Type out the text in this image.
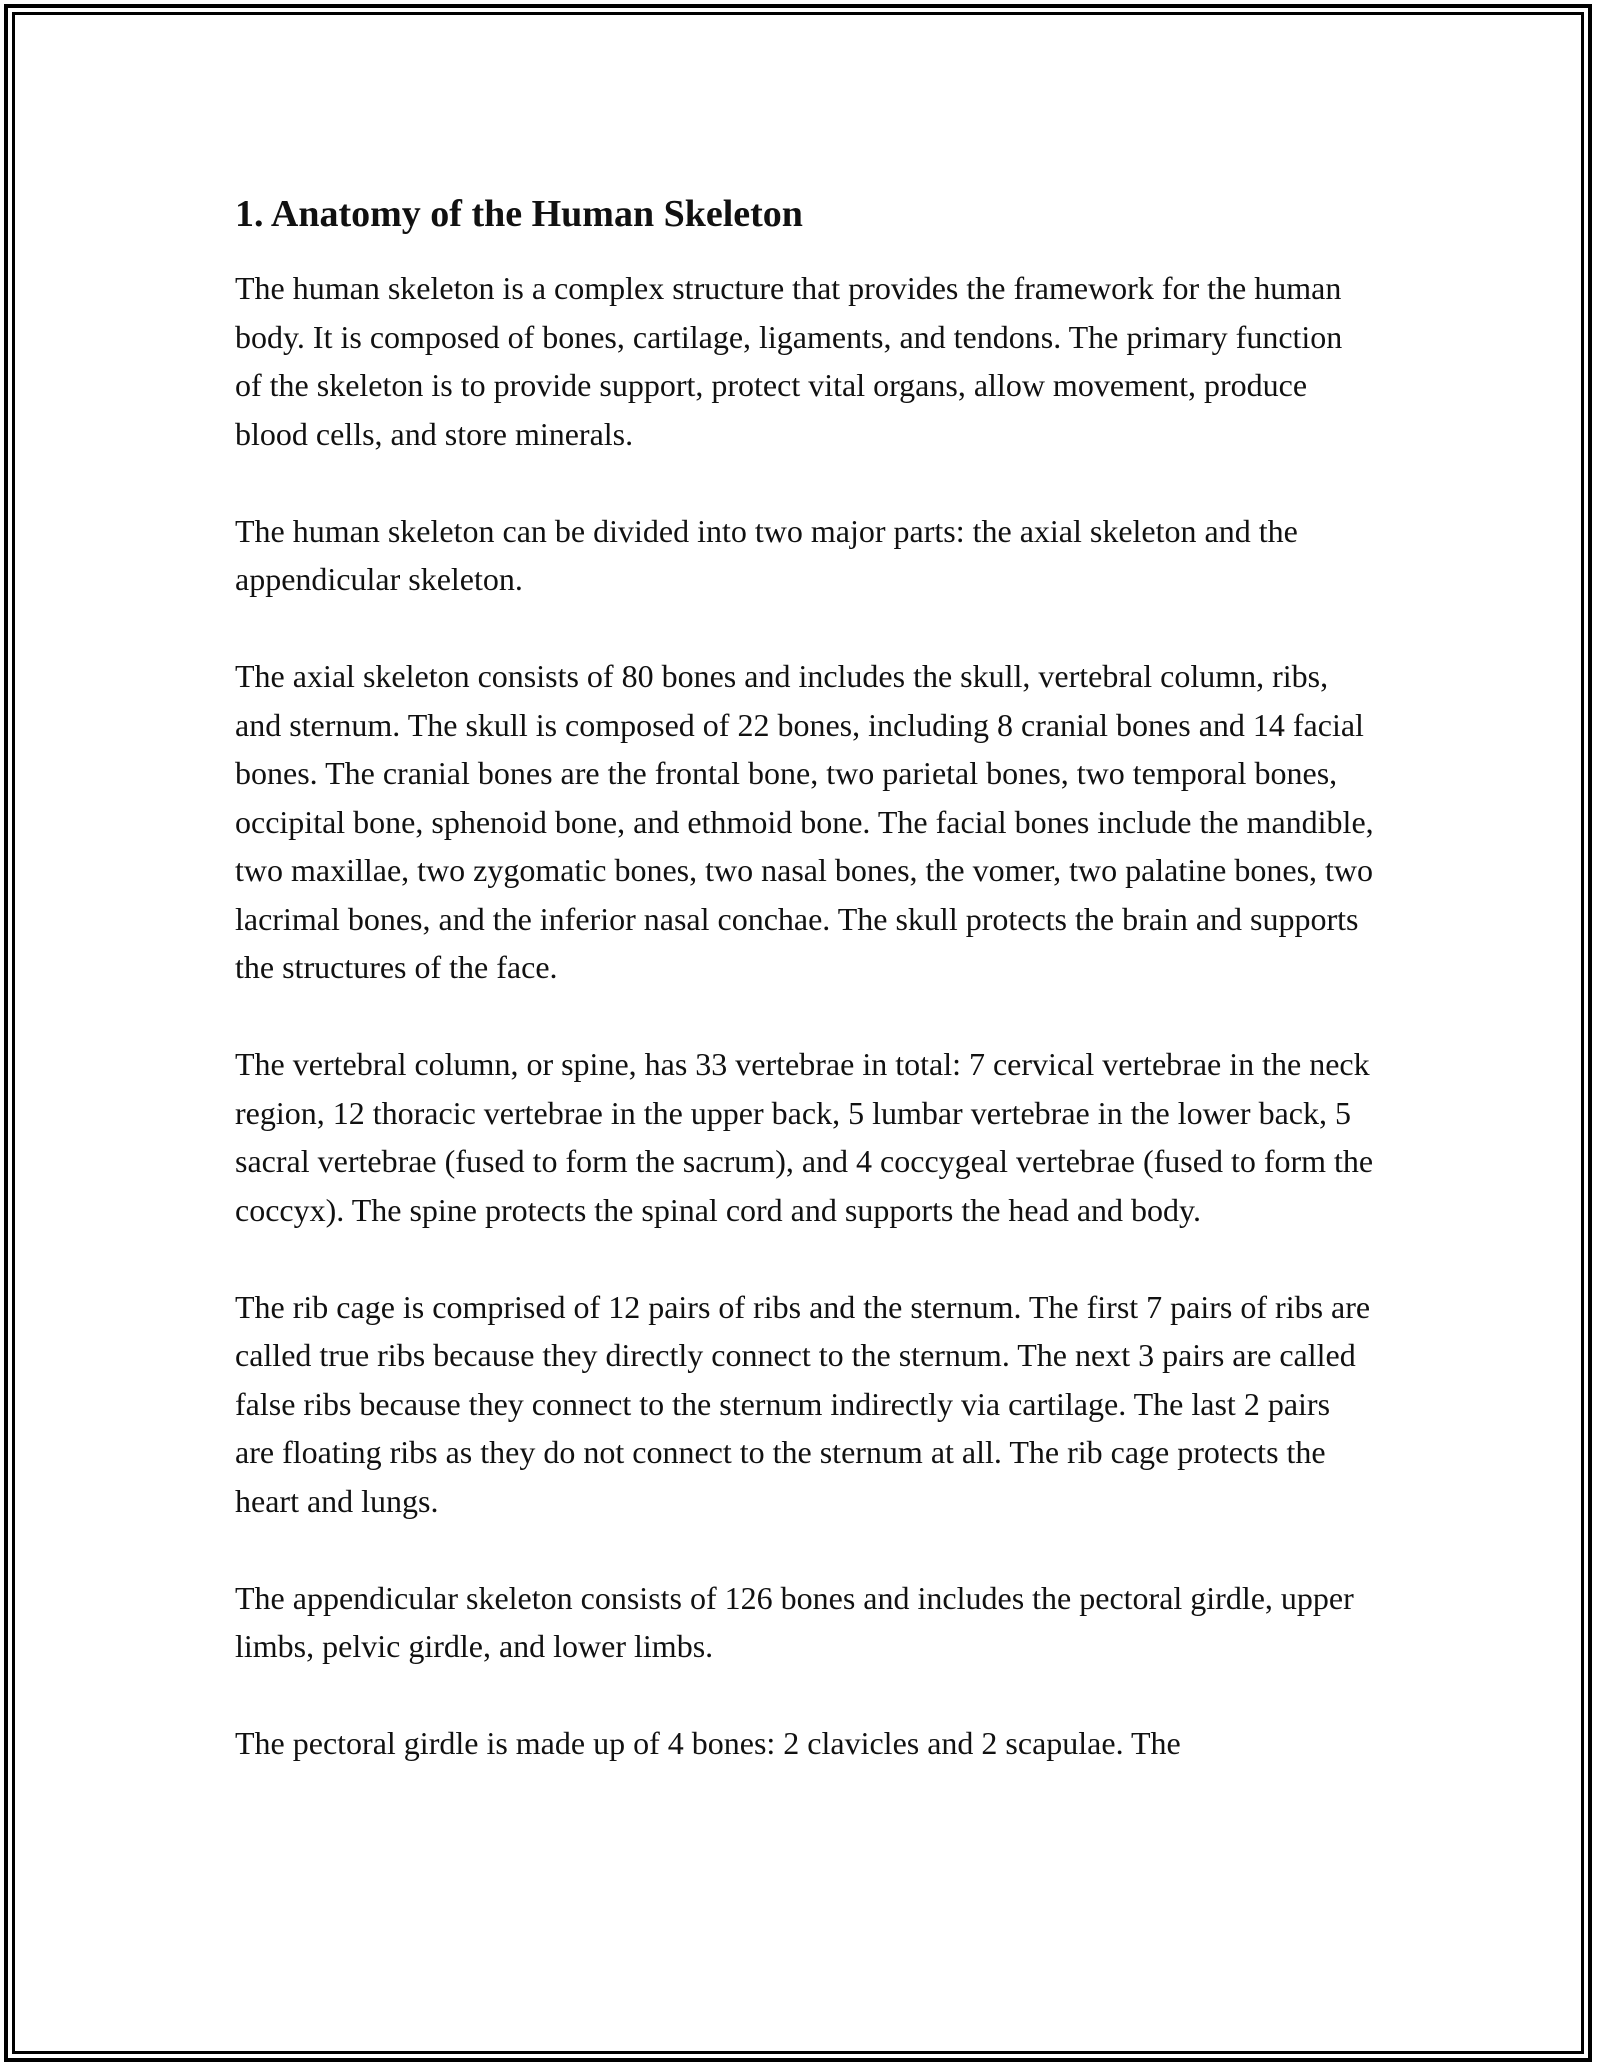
1. Anatomy of the Human Skeleton

The human skeleton is a complex structure that provides the framework for the human body. It is composed of bones, cartilage, ligaments, and tendons. The primary function of the skeleton is to provide support, protect vital organs, allow movement, produce blood cells, and store minerals.

The human skeleton can be divided into two major parts: the axial skeleton and the appendicular skeleton.

The axial skeleton consists of 80 bones and includes the skull, vertebral column, ribs, and sternum. The skull is composed of 22 bones, including 8 cranial bones and 14 facial bones. The cranial bones are the frontal bone, two parietal bones, two temporal bones, occipital bone, sphenoid bone, and ethmoid bone. The facial bones include the mandible, two maxillae, two zygomatic bones, two nasal bones, the vomer, two palatine bones, two lacrimal bones, and the inferior nasal conchae. The skull protects the brain and supports the structures of the face.

The vertebral column, or spine, has 33 vertebrae in total: 7 cervical vertebrae in the neck region, 12 thoracic vertebrae in the upper back, 5 lumbar vertebrae in the lower back, 5 sacral vertebrae (fused to form the sacrum), and 4 coccygeal vertebrae (fused to form the coccyx). The spine protects the spinal cord and supports the head and body.

The rib cage is comprised of 12 pairs of ribs and the sternum. The first 7 pairs of ribs are called true ribs because they directly connect to the sternum. The next 3 pairs are called false ribs because they connect to the sternum indirectly via cartilage. The last 2 pairs are floating ribs as they do not connect to the sternum at all. The rib cage protects the heart and lungs.

The appendicular skeleton consists of 126 bones and includes the pectoral girdle, upper limbs, pelvic girdle, and lower limbs.

The pectoral girdle is made up of 4 bones: 2 clavicles and 2 scapulae. The
